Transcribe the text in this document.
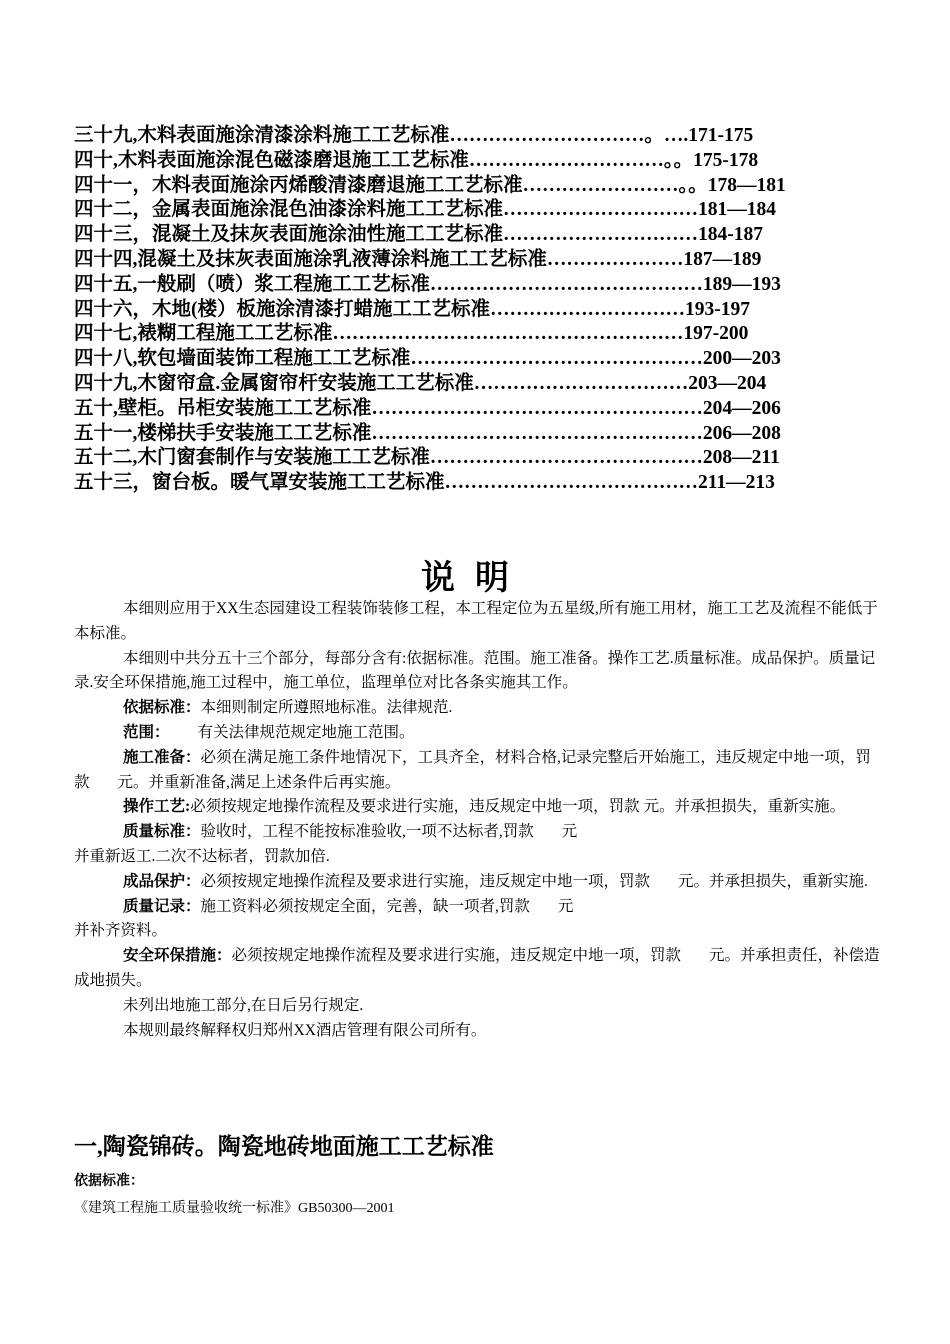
三十九,木料表面施涂清漆涂料施工工艺标准…………………………。….171-175
四十,木料表面施涂混色磁漆磨退施工工艺标准…………………………。。175-178
四十一，木料表面施涂丙烯酸清漆磨退施工工艺标准……………………。。178—181
四十二，金属表面施涂混色油漆涂料施工工艺标准…………………………181—184
四十三，混凝土及抹灰表面施涂油性施工工艺标准…………………………184-187
四十四,混凝土及抹灰表面施涂乳液薄涂料施工工艺标准…………………187—189
四十五,一般刷（喷）浆工程施工工艺标准……………………………………189—193
四十六，木地(楼）板施涂清漆打蜡施工工艺标准…………………………193-197
四十七,裱糊工程施工工艺标准………………………………………………197-200
四十八,软包墙面装饰工程施工工艺标准………………………………………200—203
四十九,木窗帘盒.金属窗帘杆安装施工工艺标准……………………………203—204
五十,壁柜。吊柜安装施工工艺标准……………………………………………204—206
五十一,楼梯扶手安装施工工艺标准……………………………………………206—208
五十二,木门窗套制作与安装施工工艺标准……………………………………208—211
五十三，窗台板。暖气罩安装施工工艺标准…………………………………211—213
说明

本细则应用于XX生态园建设工程装饰装修工程，本工程定位为五星级,所有施工用材，施工工艺及流程不能低于本标准。

本细则中共分五十三个部分，每部分含有:依据标准。范围。施工准备。操作工艺.质量标准。成品保护。质量记录.安全环保措施,施工过程中，施工单位，监理单位对比各条实施其工作。

依据标准：本细则制定所遵照地标准。法律规范.

范围： 有关法律规范规定地施工范围。

施工准备：必须在满足施工条件地情况下，工具齐全，材料合格,记录完整后开始施工，违反规定中地一项，罚款 元。并重新准备,满足上述条件后再实施。

操作工艺:必须按规定地操作流程及要求进行实施，违反规定中地一项，罚款 元。并承担损失，重新实施。

质量标准：验收时，工程不能按标准验收,一项不达标者,罚款 元

并重新返工.二次不达标者，罚款加倍.

成品保护：必须按规定地操作流程及要求进行实施，违反规定中地一项，罚款 元。并承担损失，重新实施.

质量记录：施工资料必须按规定全面，完善，缺一项者,罚款 元

并补齐资料。

安全环保措施：必须按规定地操作流程及要求进行实施，违反规定中地一项，罚款 元。并承担责任，补偿造成地损失。

未列出地施工部分,在日后另行规定.

本规则最终解释权归郑州XX酒店管理有限公司所有。

一,陶瓷锦砖。陶瓷地砖地面施工工艺标准
依据标准：
《建筑工程施工质量验收统一标准》GB50300—2001
